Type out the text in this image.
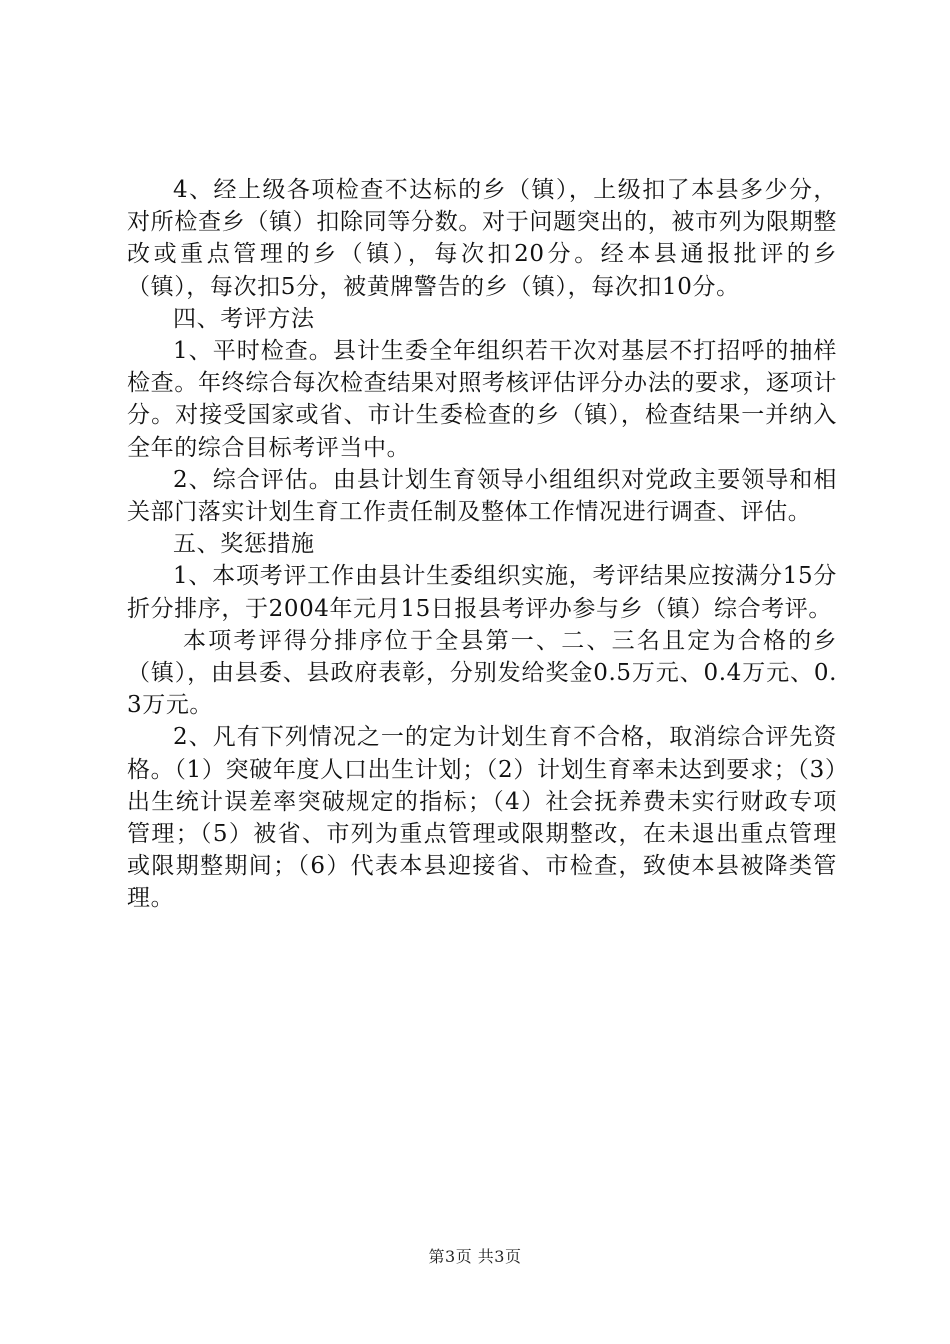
4、经上级各项检查不达标的乡（镇），上级扣了本县多少分，对所检查乡（镇）扣除同等分数。对于问题突出的，被市列为限期整改或重点管理的乡（镇），每次扣20分。经本县通报批评的乡（镇），每次扣5分，被黄牌警告的乡（镇），每次扣10分。

四、考评方法

1、平时检查。县计生委全年组织若干次对基层不打招呼的抽样检查。年终综合每次检查结果对照考核评估评分办法的要求，逐项计分。对接受国家或省、市计生委检查的乡（镇），检查结果一并纳入全年的综合目标考评当中。

2、综合评估。由县计划生育领导小组组织对党政主要领导和相关部门落实计划生育工作责任制及整体工作情况进行调查、评估。

五、奖惩措施

1、本项考评工作由县计生委组织实施，考评结果应按满分15分折分排序，于2004年元月15日报县考评办参与乡（镇）综合考评。

本项考评得分排序位于全县第一、二、三名且定为合格的乡（镇），由县委、县政府表彰，分别发给奖金0.5万元、0.4万元、0.3万元。

2、凡有下列情况之一的定为计划生育不合格，取消综合评先资格。（1）突破年度人口出生计划；（2）计划生育率未达到要求；（3）出生统计误差率突破规定的指标；（4）社会抚养费未实行财政专项管理；（5）被省、市列为重点管理或限期整改，在未退出重点管理或限期整期间；（6）代表本县迎接省、市检查，致使本县被降类管理。

第3页 共3页
